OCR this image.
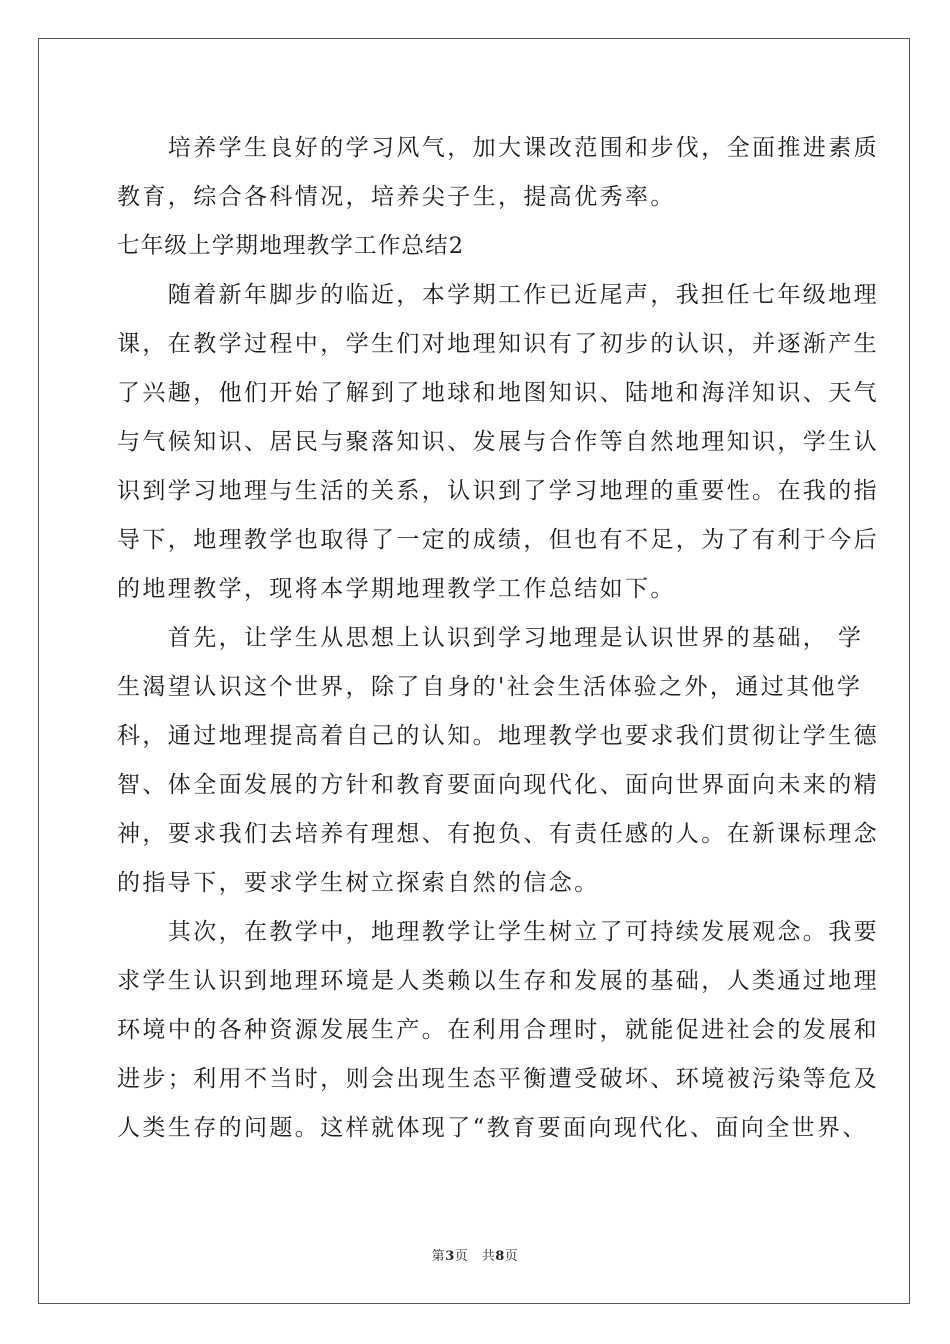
　　培养学生良好的学习风气，加大课改范围和步伐，全面推进素质
教育，综合各科情况，培养尖子生，提高优秀率。
七年级上学期地理教学工作总结2
　　随着新年脚步的临近，本学期工作已近尾声，我担任七年级地理
课，在教学过程中，学生们对地理知识有了初步的认识，并逐渐产生
了兴趣，他们开始了解到了地球和地图知识、陆地和海洋知识、天气
与气候知识、居民与聚落知识、发展与合作等自然地理知识，学生认
识到学习地理与生活的关系，认识到了学习地理的重要性。在我的指
导下，地理教学也取得了一定的成绩，但也有不足，为了有利于今后
的地理教学，现将本学期地理教学工作总结如下。
　　首先，让学生从思想上认识到学习地理是认识世界的基础， 学
生渴望认识这个世界，除了自身的'社会生活体验之外，通过其他学
科，通过地理提高着自己的认知。地理教学也要求我们贯彻让学生德
智、体全面发展的方针和教育要面向现代化、面向世界面向未来的精
神，要求我们去培养有理想、有抱负、有责任感的人。在新课标理念
的指导下，要求学生树立探索自然的信念。
　　其次，在教学中，地理教学让学生树立了可持续发展观念。我要
求学生认识到地理环境是人类赖以生存和发展的基础，人类通过地理
环境中的各种资源发展生产。在利用合理时，就能促进社会的发展和
进步；利用不当时，则会出现生态平衡遭受破坏、环境被污染等危及
人类生存的问题。这样就体现了“教育要面向现代化、面向全世界、
第3页　共8页
